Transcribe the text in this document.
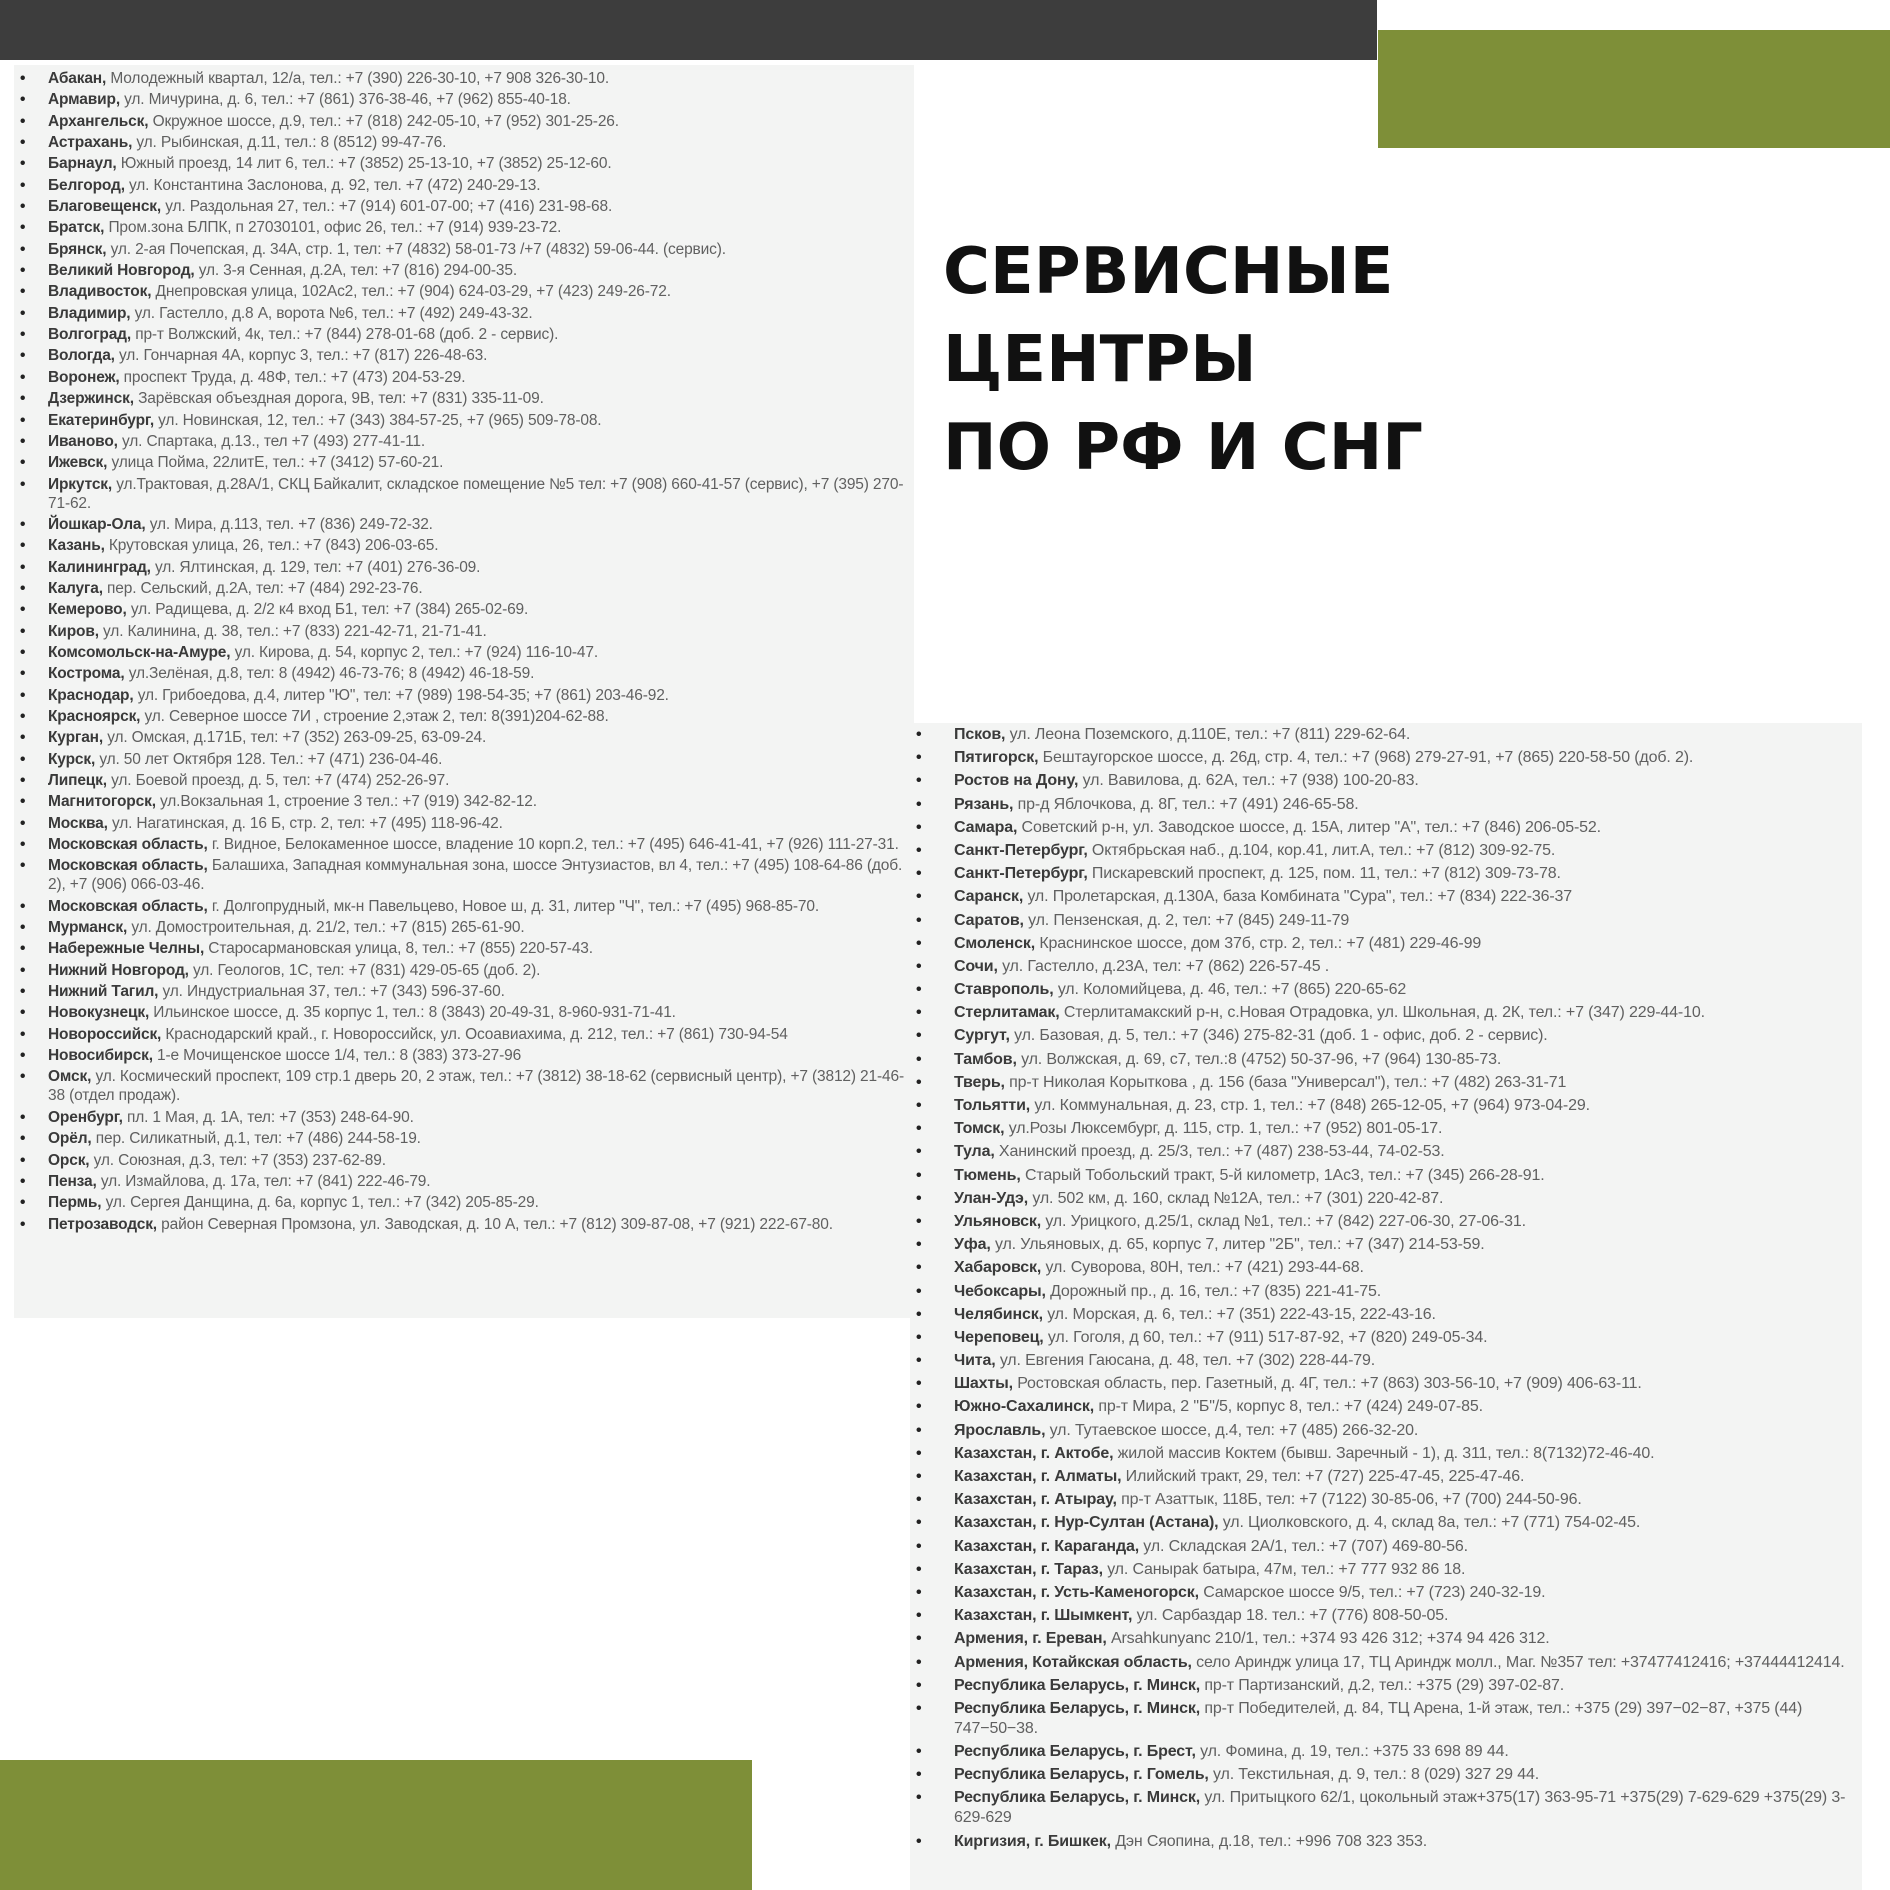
• Абакан, Молодежный квартал, 12/а, тел.: +7 (390) 226-30-10, +7 908 326-30-10.
• Армавир, ул. Мичурина, д. 6, тел.: +7 (861) 376-38-46, +7 (962) 855-40-18.
• Архангельск, Окружное шоссе, д.9, тел.: +7 (818) 242-05-10, +7 (952) 301-25-26.
• Астрахань, ул. Рыбинская, д.11, тел.: 8 (8512) 99-47-76.
• Барнаул, Южный проезд, 14 лит 6, тел.: +7 (3852) 25-13-10, +7 (3852) 25-12-60.
• Белгород, ул. Константина Заслонова, д. 92, тел. +7 (472) 240-29-13.
• Благовещенск, ул. Раздольная 27, тел.: +7 (914) 601-07-00; +7 (416) 231-98-68.
• Братск, Пром.зона БЛПК, п 27030101, офис 26, тел.: +7 (914) 939-23-72.
• Брянск, ул. 2-ая Почепская, д. 34А, стр. 1, тел: +7 (4832) 58-01-73 /+7 (4832) 59-06-44. (сервис).
• Великий Новгород, ул. 3-я Сенная, д.2А, тел: +7 (816) 294-00-35.
• Владивосток, Днепровская улица, 102Ас2, тел.: +7 (904) 624-03-29, +7 (423) 249-26-72.
• Владимир, ул. Гастелло, д.8 А, ворота №6, тел.: +7 (492) 249-43-32.
• Волгоград, пр-т Волжский, 4к, тел.: +7 (844) 278-01-68 (доб. 2 - сервис).
• Вологда, ул. Гончарная 4А, корпус 3, тел.: +7 (817) 226-48-63.
• Воронеж, проспект Труда, д. 48Ф, тел.: +7 (473) 204-53-29.
• Дзержинск, Зарёвская объездная дорога, 9В, тел: +7 (831) 335-11-09.
• Екатеринбург, ул. Новинская, 12, тел.: +7 (343) 384-57-25, +7 (965) 509-78-08.
• Иваново, ул. Спартака, д.13., тел +7 (493) 277-41-11.
• Ижевск, улица Пойма, 22литЕ, тел.: +7 (3412) 57-60-21.
• Иркутск, ул.Трактовая, д.28А/1, СКЦ Байкалит, складское помещение №5 тел: +7 (908) 660-41-57 (сервис), +7 (395) 270-71-62.
• Йошкар-Ола, ул. Мира, д.113, тел. +7 (836) 249-72-32.
• Казань, Крутовская улица, 26, тел.: +7 (843) 206-03-65.
• Калининград, ул. Ялтинская, д. 129, тел: +7 (401) 276-36-09.
• Калуга, пер. Сельский, д.2А, тел: +7 (484) 292-23-76.
• Кемерово, ул. Радищева, д. 2/2 к4 вход Б1, тел: +7 (384) 265-02-69.
• Киров, ул. Калинина, д. 38, тел.: +7 (833) 221-42-71, 21-71-41.
• Комсомольск-на-Амуре, ул. Кирова, д. 54, корпус 2, тел.: +7 (924) 116-10-47.
• Кострома, ул.Зелёная, д.8, тел: 8 (4942) 46-73-76; 8 (4942) 46-18-59.
• Краснодар, ул. Грибоедова, д.4, литер "Ю", тел: +7 (989) 198-54-35; +7 (861) 203-46-92.
• Красноярск, ул. Северное шоссе 7И , строение 2,этаж 2, тел: 8(391)204-62-88.
• Курган, ул. Омская, д.171Б, тел: +7 (352) 263-09-25, 63-09-24.
• Курск, ул. 50 лет Октября 128. Тел.: +7 (471) 236-04-46.
• Липецк, ул. Боевой проезд, д. 5, тел: +7 (474) 252-26-97.
• Магнитогорск, ул.Вокзальная 1, строение 3 тел.: +7 (919) 342-82-12.
• Москва, ул. Нагатинская, д. 16 Б, стр. 2, тел: +7 (495) 118-96-42.
• Московская область, г. Видное, Белокаменное шоссе, владение 10 корп.2, тел.: +7 (495) 646-41-41, +7 (926) 111-27-31.
• Московская область, Балашиха, Западная коммунальная зона, шоссе Энтузиастов, вл 4, тел.: +7 (495) 108-64-86 (доб. 2), +7 (906) 066-03-46.
• Московская область, г. Долгопрудный, мк-н Павельцево, Новое ш, д. 31, литер "Ч", тел.: +7 (495) 968-85-70.
• Мурманск, ул. Домостроительная, д. 21/2, тел.: +7 (815) 265-61-90.
• Набережные Челны, Старосармановская улица, 8, тел.: +7 (855) 220-57-43.
• Нижний Новгород, ул. Геологов, 1С, тел: +7 (831) 429-05-65 (доб. 2).
• Нижний Тагил, ул. Индустриальная 37, тел.: +7 (343) 596-37-60.
• Новокузнецк, Ильинское шоссе, д. 35 корпус 1, тел.: 8 (3843) 20-49-31, 8-960-931-71-41.
• Новороссийск, Краснодарский край., г. Новороссийск, ул. Осоавиахима, д. 212, тел.: +7 (861) 730-94-54
• Новосибирск, 1-е Мочищенское шоссе 1/4, тел.: 8 (383) 373-27-96
• Омск, ул. Космический проспект, 109 стр.1 дверь 20, 2 этаж, тел.: +7 (3812) 38-18-62 (сервисный центр), +7 (3812) 21-46-38 (отдел продаж).
• Оренбург, пл. 1 Мая, д. 1А, тел: +7 (353) 248-64-90.
• Орёл, пер. Силикатный, д.1, тел: +7 (486) 244-58-19.
• Орск, ул. Союзная, д.3, тел: +7 (353) 237-62-89.
• Пенза, ул. Измайлова, д. 17а, тел: +7 (841) 222-46-79.
• Пермь, ул. Сергея Данщина, д. 6а, корпус 1, тел.: +7 (342) 205-85-29.
• Петрозаводск, район Северная Промзона, ул. Заводская, д. 10 А, тел.: +7 (812) 309-87-08, +7 (921) 222-67-80.
СЕРВИСНЫЕ ЦЕНТРЫ
ПО РФ И СНГ
• Псков, ул. Леона Поземского, д.110Е, тел.: +7 (811) 229-62-64.
• Пятигорск, Бештаугорское шоссе, д. 26д, стр. 4, тел.: +7 (968) 279-27-91, +7 (865) 220-58-50 (доб. 2).
• Ростов на Дону, ул. Вавилова, д. 62А, тел.: +7 (938) 100-20-83.
• Рязань, пр-д Яблочкова, д. 8Г, тел.: +7 (491) 246-65-58.
• Самара, Советский р-н, ул. Заводское шоссе, д. 15А, литер "А", тел.: +7 (846) 206-05-52.
• Санкт-Петербург, Октябрьская наб., д.104, кор.41, лит.А, тел.: +7 (812) 309-92-75.
• Санкт-Петербург, Пискаревский проспект, д. 125, пом. 11, тел.: +7 (812) 309-73-78.
• Саранск, ул. Пролетарская, д.130А, база Комбината "Сура", тел.: +7 (834) 222-36-37
• Саратов, ул. Пензенская, д. 2, тел: +7 (845) 249-11-79
• Смоленск, Краснинское шоссе, дом 37б, стр. 2, тел.: +7 (481) 229-46-99
• Сочи, ул. Гастелло, д.23А, тел: +7 (862) 226-57-45 .
• Ставрополь, ул. Коломийцева, д. 46, тел.: +7 (865) 220-65-62
• Стерлитамак, Стерлитамакский р-н, с.Новая Отрадовка, ул. Школьная, д. 2К, тел.: +7 (347) 229-44-10.
• Сургут, ул. Базовая, д. 5, тел.: +7 (346) 275-82-31 (доб. 1 - офис, доб. 2 - сервис).
• Тамбов, ул. Волжская, д. 69, с7, тел.:8 (4752) 50-37-96, +7 (964) 130-85-73.
• Тверь, пр-т Николая Корыткова , д. 156 (база "Универсал"), тел.: +7 (482) 263-31-71
• Тольятти, ул. Коммунальная, д. 23, стр. 1, тел.: +7 (848) 265-12-05, +7 (964) 973-04-29.
• Томск, ул.Розы Люксембург, д. 115, стр. 1, тел.: +7 (952) 801-05-17.
• Тула, Ханинский проезд, д. 25/3, тел.: +7 (487) 238-53-44, 74-02-53.
• Тюмень, Старый Тобольский тракт, 5-й километр, 1Ас3, тел.: +7 (345) 266-28-91.
• Улан-Удэ, ул. 502 км, д. 160, склад №12А, тел.: +7 (301) 220-42-87.
• Ульяновск, ул. Урицкого, д.25/1, склад №1, тел.: +7 (842) 227-06-30, 27-06-31.
• Уфа, ул. Ульяновых, д. 65, корпус 7, литер "2Б", тел.: +7 (347) 214-53-59.
• Хабаровск, ул. Суворова, 80Н, тел.: +7 (421) 293-44-68.
• Чебоксары, Дорожный пр., д. 16, тел.: +7 (835) 221-41-75.
• Челябинск, ул. Морская, д. 6, тел.: +7 (351) 222-43-15, 222-43-16.
• Череповец, ул. Гоголя, д 60, тел.: +7 (911) 517-87-92, +7 (820) 249-05-34.
• Чита, ул. Евгения Гаюсана, д. 48, тел. +7 (302) 228-44-79.
• Шахты, Ростовская область, пер. Газетный, д. 4Г, тел.: +7 (863) 303-56-10, +7 (909) 406-63-11.
• Южно-Сахалинск, пр-т Мира, 2 "Б"/5, корпус 8, тел.: +7 (424) 249-07-85.
• Ярославль, ул. Тутаевское шоссе, д.4, тел: +7 (485) 266-32-20.
• Казахстан, г. Актобе, жилой массив Коктем (бывш. Заречный - 1), д. 311, тел.: 8(7132)72-46-40.
• Казахстан, г. Алматы, Илийский тракт, 29, тел: +7 (727) 225-47-45, 225-47-46.
• Казахстан, г. Атырау, пр-т Азаттык, 118Б, тел: +7 (7122) 30-85-06, +7 (700) 244-50-96.
• Казахстан, г. Нур-Султан (Астана), ул. Циолковского, д. 4, склад 8а, тел.: +7 (771) 754-02-45.
• Казахстан, г. Караганда, ул. Складская 2А/1, тел.: +7 (707) 469-80-56.
• Казахстан, г. Тараз, ул. Саныраk батыра, 47м, тел.: +7 777 932 86 18.
• Казахстан, г. Усть-Каменогорск, Самарское шоссе 9/5, тел.: +7 (723) 240-32-19.
• Казахстан, г. Шымкент, ул. Сарбаздар 18. тел.: +7 (776) 808-50-05.
• Армения, г. Ереван, Arsahkunyanc 210/1, тел.: +374 93 426 312; +374 94 426 312.
• Армения, Котайкская область, село Ариндж улица 17, ТЦ Ариндж молл., Маг. №357 тел: +37477412416; +37444412414.
• Республика Беларусь, г. Минск, пр-т Партизанский, д.2, тел.: +375 (29) 397-02-87.
• Республика Беларусь, г. Минск, пр-т Победителей, д. 84, ТЦ Арена, 1-й этаж, тел.: +375 (29) 397−02−87, +375 (44) 747−50−38.
• Республика Беларусь, г. Брест, ул. Фомина, д. 19, тел.: +375 33 698 89 44.
• Республика Беларусь, г. Гомель, ул. Текстильная, д. 9, тел.: 8 (029) 327 29 44.
• Республика Беларусь, г. Минск, ул. Притыцкого 62/1, цокольный этаж+375(17) 363-95-71 +375(29) 7-629-629 +375(29) 3-629-629
• Киргизия, г. Бишкек, Дэн Сяопина, д.18, тел.: +996 708 323 353.
